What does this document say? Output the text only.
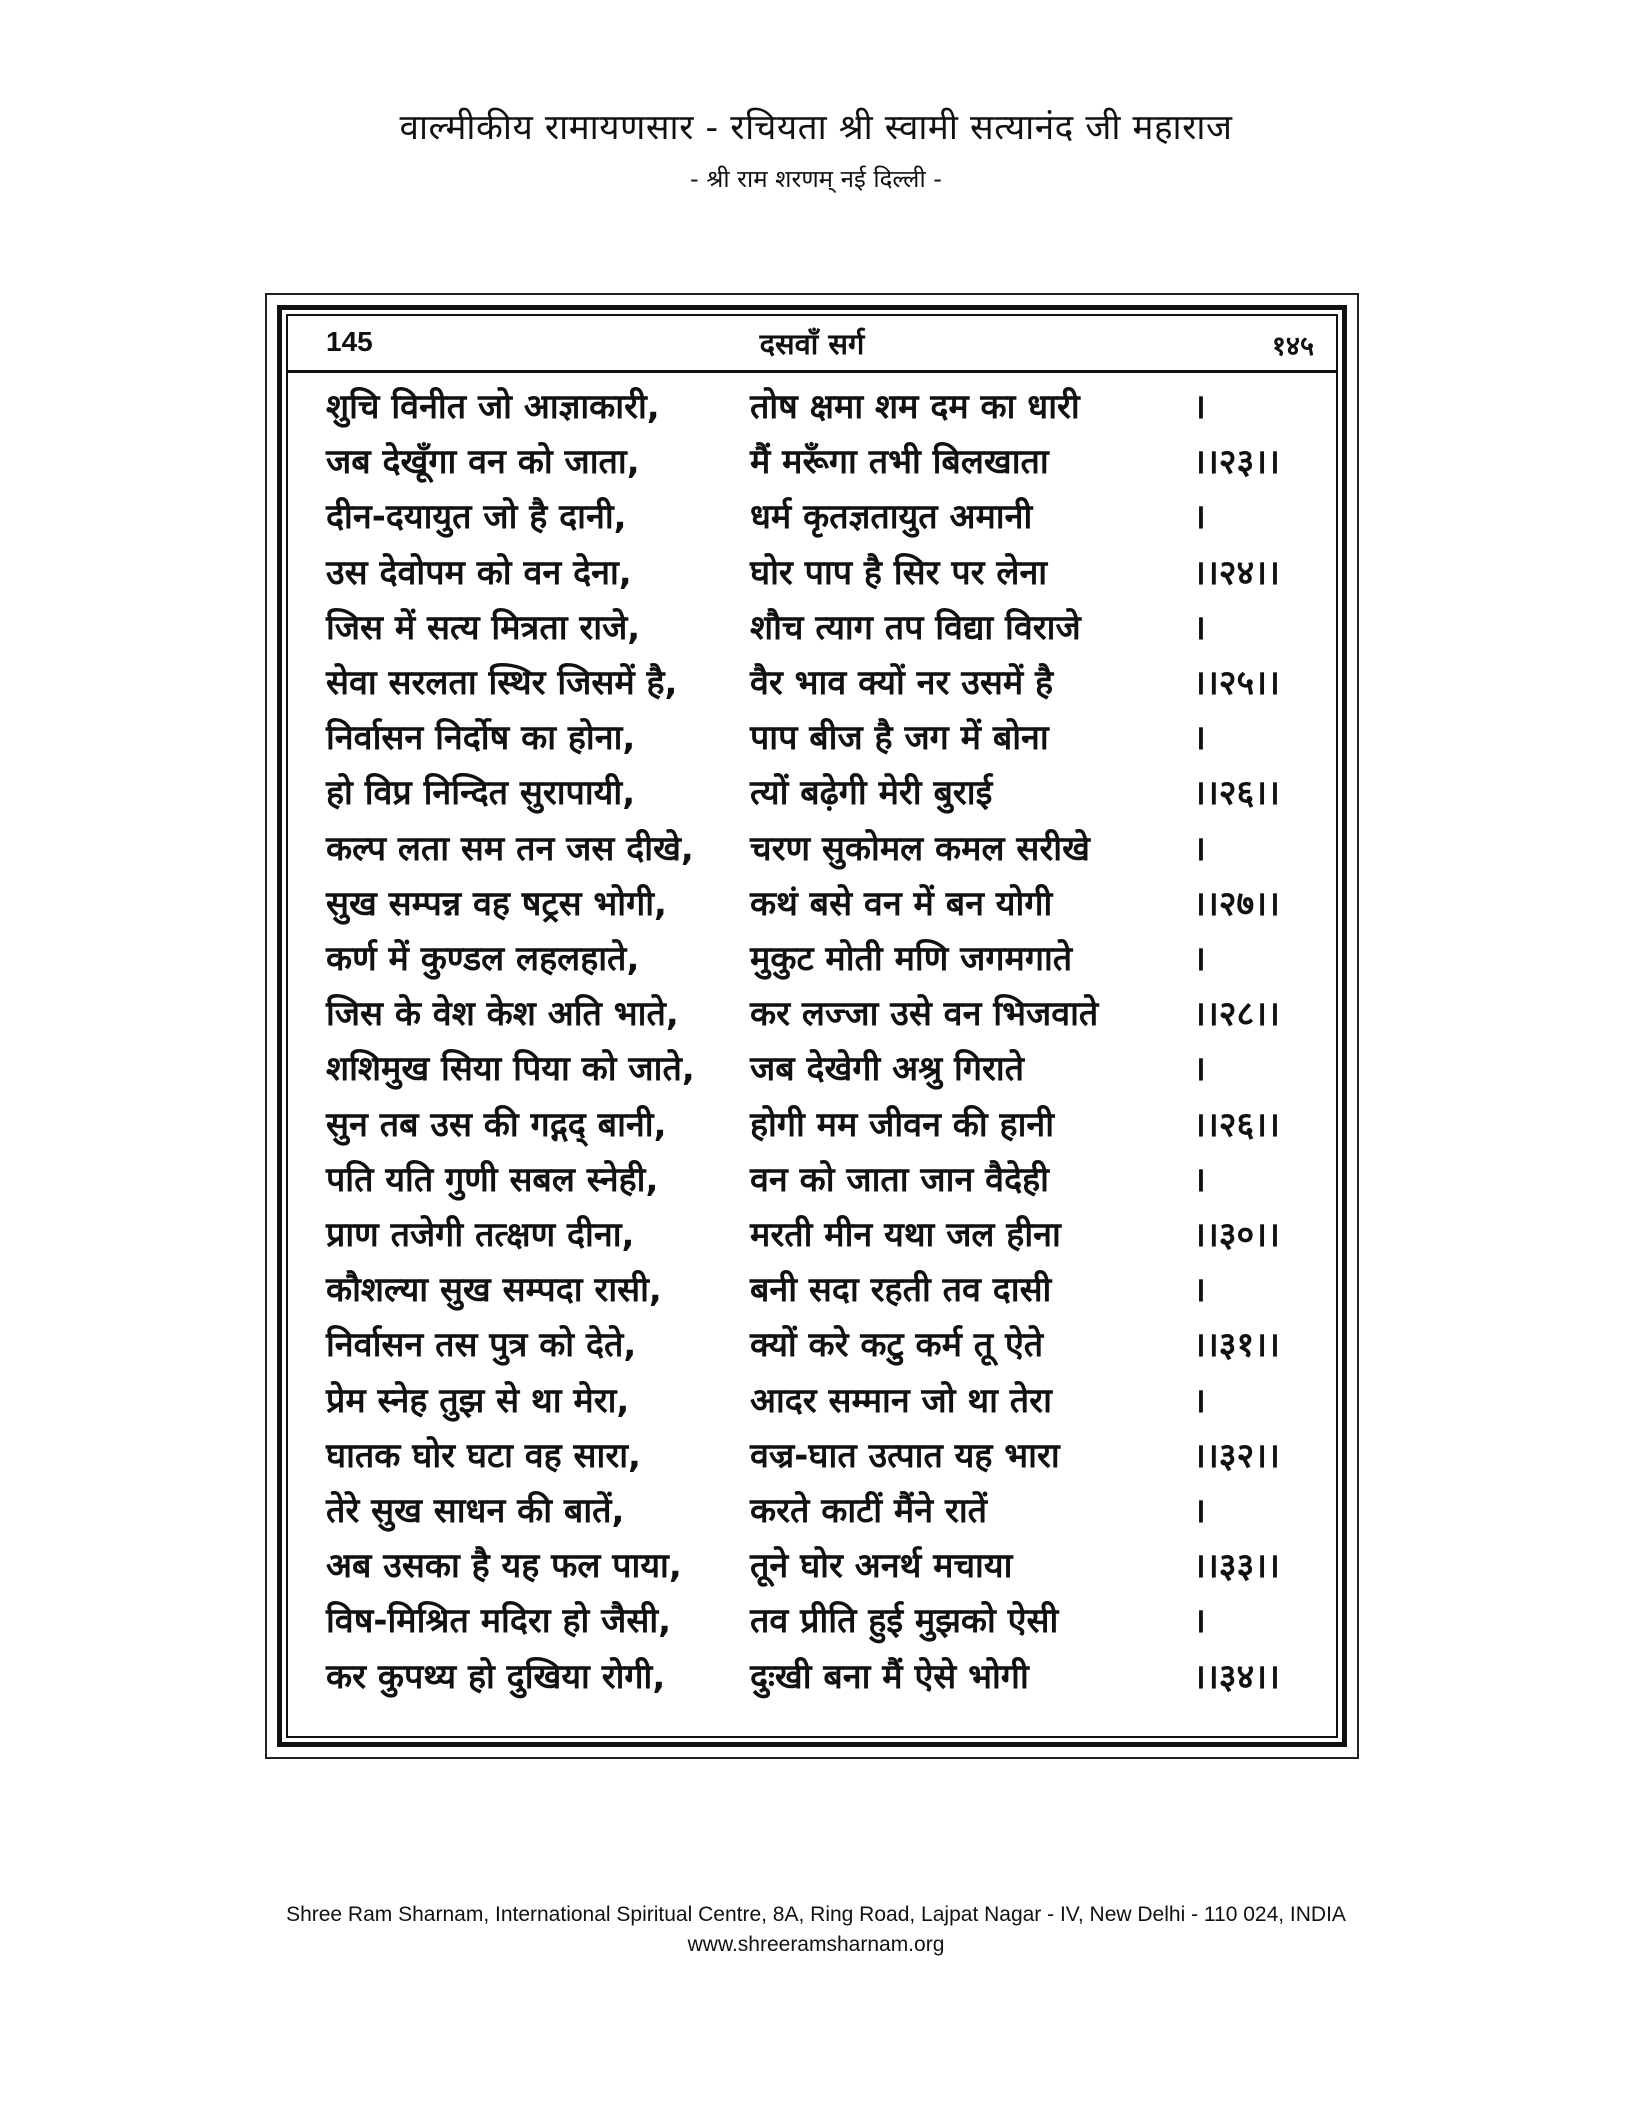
वाल्मीकीय रामायणसार - रचियता श्री स्वामी सत्यानंद जी महाराज
- श्री राम शरणम् नई दिल्ली -
145	दसवाँ सर्ग	१४५
शुचि विनीत जो आज्ञाकारी,	तोष क्षमा शम दम का धारी	।
जब देखूँगा वन को जाता,	मैं मरूँगा तभी बिलखाता	।।२३।।
दीन-दयायुत जो है दानी,	धर्म कृतज्ञतायुत अमानी	।
उस देवोपम को वन देना,	घोर पाप है सिर पर लेना	।।२४।।
जिस में सत्य मित्रता राजे,	शौच त्याग तप विद्या विराजे	।
सेवा सरलता स्थिर जिसमें है,	वैर भाव क्यों नर उसमें है	।।२५।।
निर्वासन निर्दोष का होना,	पाप बीज है जग में बोना	।
हो विप्र निन्दित सुरापायी,	त्यों बढ़ेगी मेरी बुराई	।।२६।।
कल्प लता सम तन जस दीखे,	चरण सुकोमल कमल सरीखे	।
सुख सम्पन्न वह षट्रस भोगी,	कथं बसे वन में बन योगी	।।२७।।
कर्ण में कुण्डल लहलहाते,	मुकुट मोती मणि जगमगाते	।
जिस के वेश केश अति भाते,	कर लज्जा उसे वन भिजवाते	।।२८।।
शशिमुख सिया पिया को जाते,	जब देखेगी अश्रु गिराते	।
सुन तब उस की गद्गद् बानी,	होगी मम जीवन की हानी	।।२६।।
पति यति गुणी सबल स्नेही,	वन को जाता जान वैदेही	।
प्राण तजेगी तत्क्षण दीना,	मरती मीन यथा जल हीना	।।३०।।
कौशल्या सुख सम्पदा रासी,	बनी सदा रहती तव दासी	।
निर्वासन तस पुत्र को देते,	क्यों करे कटु कर्म तू ऐते	।।३१।।
प्रेम स्नेह तुझ से था मेरा,	आदर सम्मान जो था तेरा	।
घातक घोर घटा वह सारा,	वज्र-घात उत्पात यह भारा	।।३२।।
तेरे सुख साधन की बातें,	करते काटीं मैंने रातें	।
अब उसका है यह फल पाया,	तूने घोर अनर्थ मचाया	।।३३।।
विष-मिश्रित मदिरा हो जैसी,	तव प्रीति हुई मुझको ऐसी	।
कर कुपथ्य हो दुखिया रोगी,	दुःखी बना मैं ऐसे भोगी	।।३४।।
Shree Ram Sharnam, International Spiritual Centre, 8A, Ring Road, Lajpat Nagar - IV, New Delhi - 110 024, INDIA
www.shreeramsharnam.org
